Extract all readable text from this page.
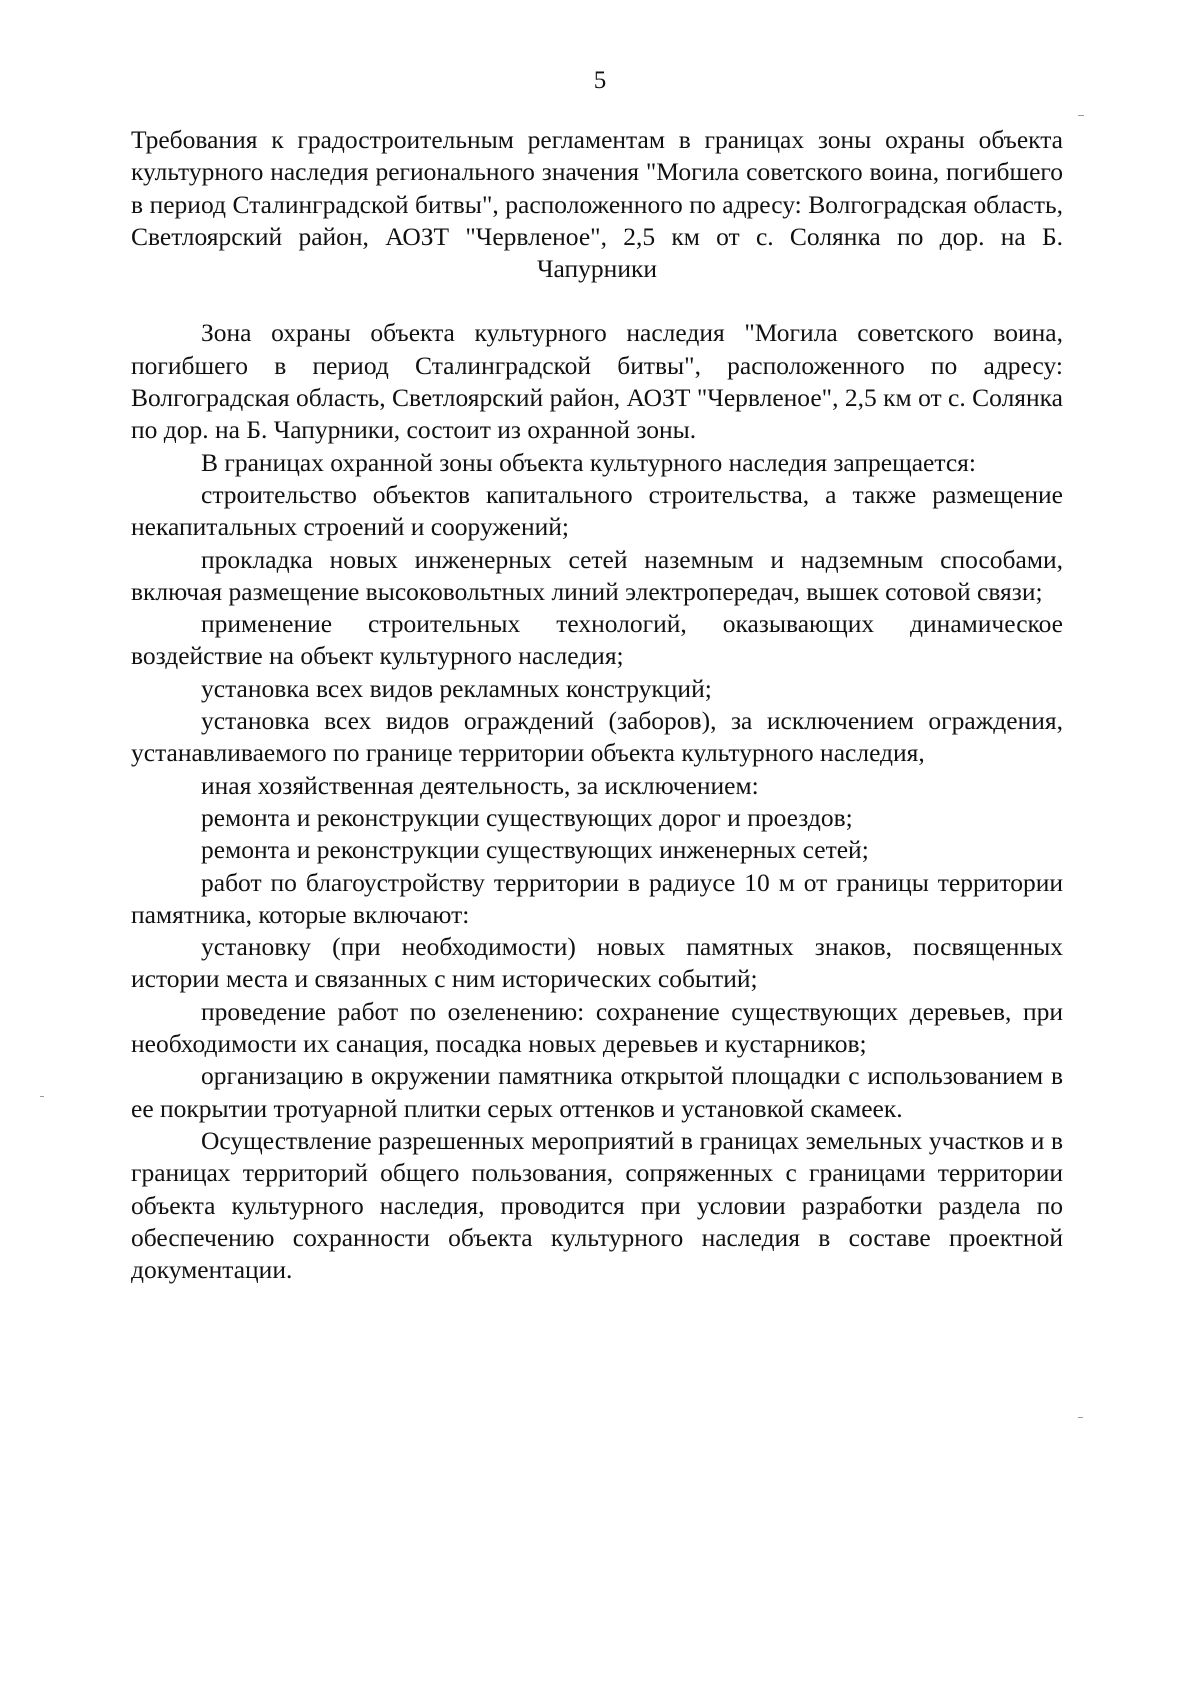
5

Требования к градостроительным регламентам в границах зоны охраны объекта культурного наследия регионального значения "Могила советского воина, погибшего в период Сталинградской битвы", расположенного по адресу: Волгоградская область, Светлоярский район, АОЗТ "Червленое", 2,5 км от с. Солянка по дор. на Б. Чапурники

Зона охраны объекта культурного наследия "Могила советского воина, погибшего в период Сталинградской битвы", расположенного по адресу: Волгоградская область, Светлоярский район, АОЗТ "Червленое", 2,5 км от с. Солянка по дор. на Б. Чапурники, состоит из охранной зоны.

В границах охранной зоны объекта культурного наследия запрещается:

строительство объектов капитального строительства, а также размещение некапитальных строений и сооружений;

прокладка новых инженерных сетей наземным и надземным способами, включая размещение высоковольтных линий электропередач, вышек сотовой связи;

применение строительных технологий, оказывающих динамическое воздействие на объект культурного наследия;

установка всех видов рекламных конструкций;

установка всех видов ограждений (заборов), за исключением ограждения, устанавливаемого по границе территории объекта культурного наследия,

иная хозяйственная деятельность, за исключением:

ремонта и реконструкции существующих дорог и проездов;

ремонта и реконструкции существующих инженерных сетей;

работ по благоустройству территории в радиусе 10 м от границы территории памятника, которые включают:

установку (при необходимости) новых памятных знаков, посвященных истории места и связанных с ним исторических событий;

проведение работ по озеленению: сохранение существующих деревьев, при необходимости их санация, посадка новых деревьев и кустарников;

организацию в окружении памятника открытой площадки с использованием в ее покрытии тротуарной плитки серых оттенков и установкой скамеек.

Осуществление разрешенных мероприятий в границах земельных участков и в границах территорий общего пользования, сопряженных с границами территории объекта культурного наследия, проводится при условии разработки раздела по обеспечению сохранности объекта культурного наследия в составе проектной документации.
